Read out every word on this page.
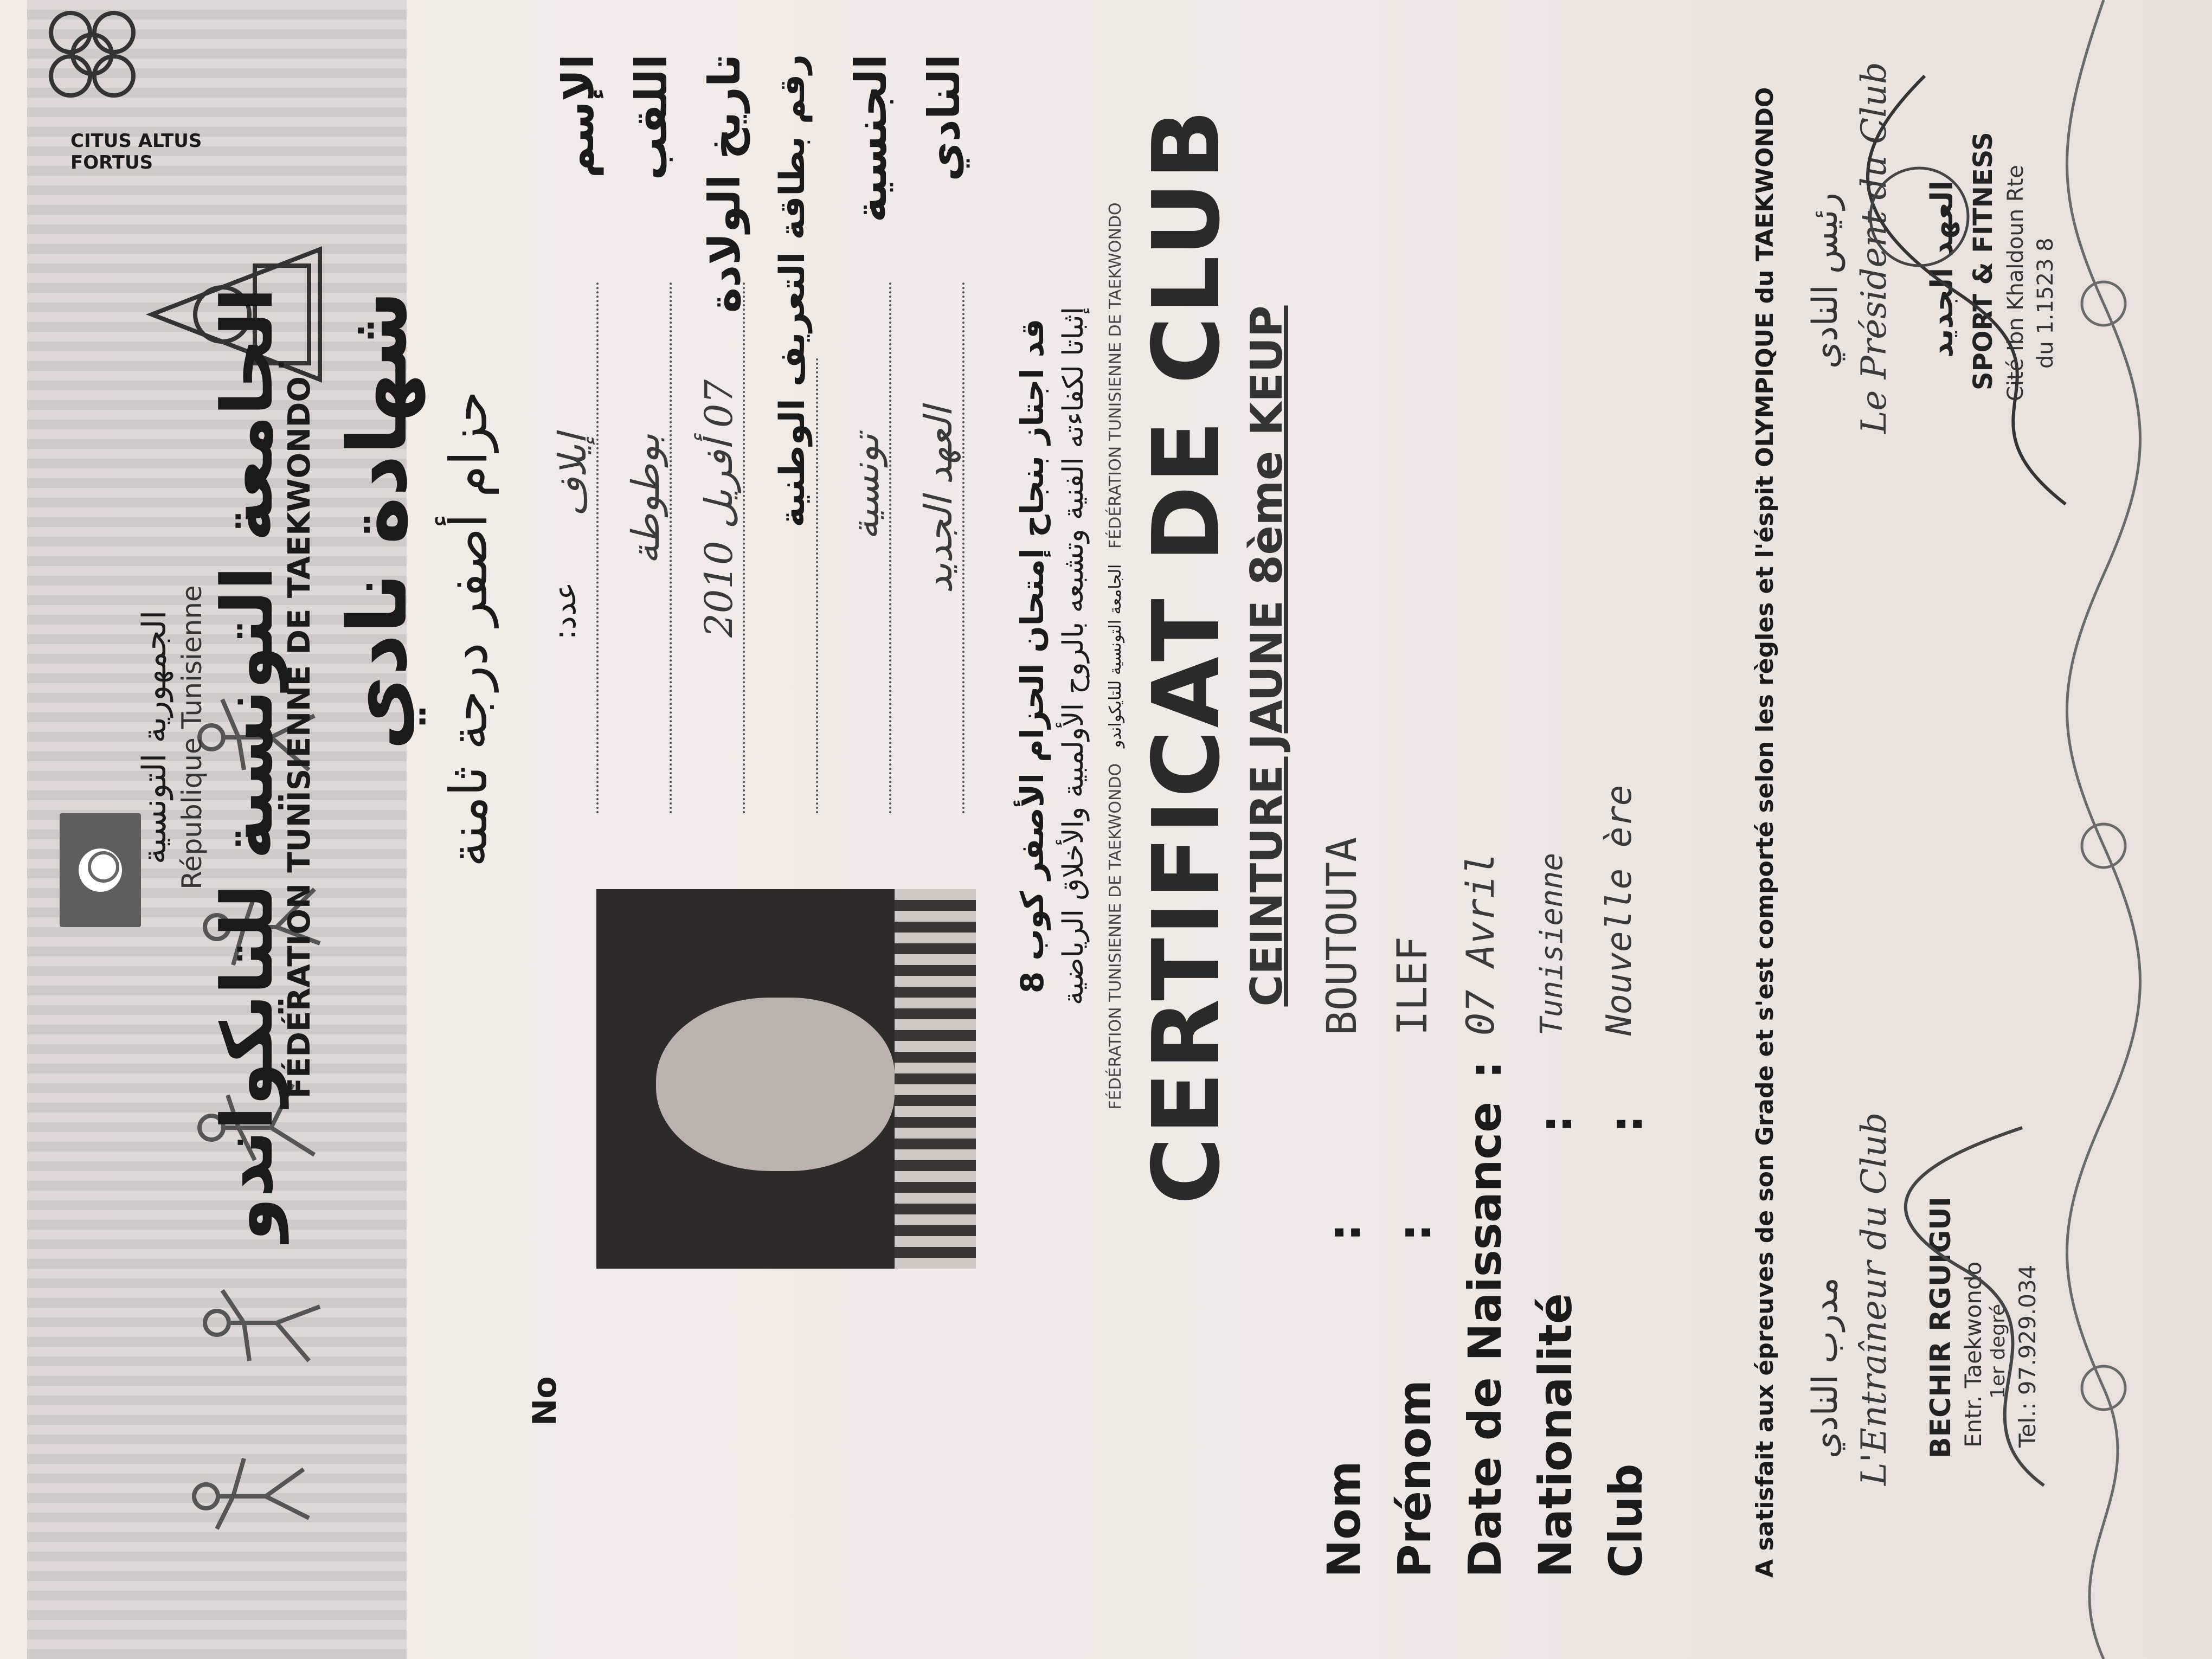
CITUS ALTUS FORTUS
الجمهورية التونسية République Tunisienne
الجامعة التونسية للتايكواندو
FÉDÉRATION TUNISIENNE DE TAEKWONDO شهادة نادي حزام أصفر درجة ثامنة
No
عدد:
الإسم
إيلاف
اللقب
بوطوطة
تاريخ الولادة
07 أفريل 2010 رقم بطاقة التعريف الوطنية الجنسية
تونسية
النادي
العهد الجديد
قد اجتاز بنجاح إمتحان الحزام الأصفر كوب 8 إثباتا لكفاءته الفنية وتشبعه بالروح الأولمبية والأخلاق الرياضية FÉDÉRATION TUNISIENNE DE TAEKWONDO   الجامعة التونسية للتايكواندو   FÉDÉRATION TUNISIENNE DE TAEKWONDO CERTIFICAT DE CLUB CEINTURE JAUNE 8ème KEUP
Nom
:
BOUTOUTA
Prénom
:
ILEF
Date de Naissance
:
07 Avril
Nationalité
:
Tunisienne
Club
:
Nouvelle ère	A satisfait aux épreuves de son Grade et s'est comporté selon les règles et l'éspit OLYMPIQUE du TAEKWONDO مدرب النادي L'Entraîneur du Club BECHIR RGUIGUI Entr. Taekwondo 1er degré Tel.: 97.929.034
رئيس النادي Le Président du Club العهد الجديد SPORT & FITNESS Cité Ibn Khaldoun Rte du 1.1523 8
